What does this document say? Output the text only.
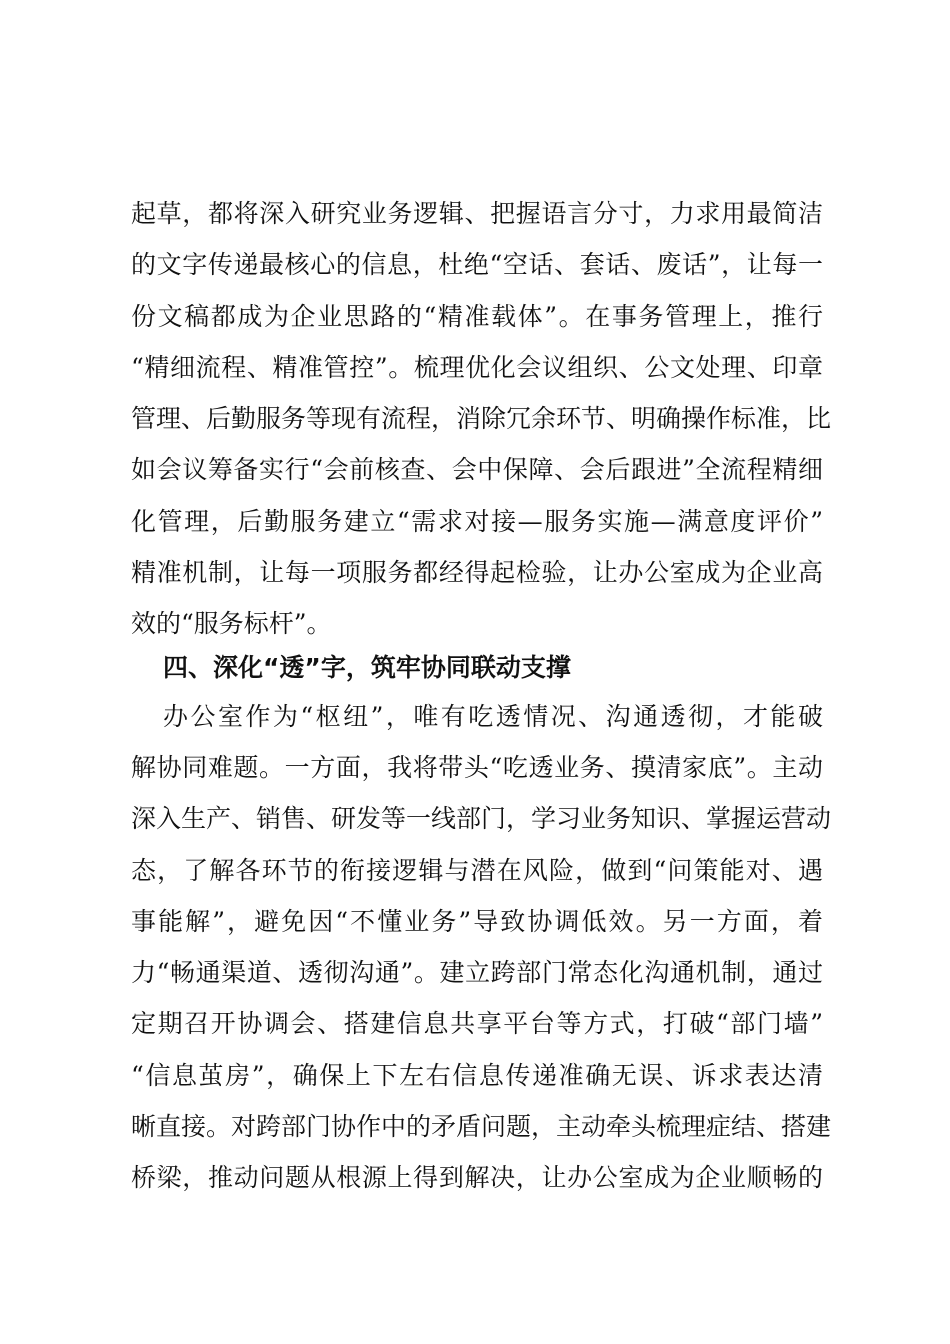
起草，都将深入研究业务逻辑、把握语言分寸，力求用最简洁
的文字传递最核心的信息，杜绝“空话、套话、废话”，让每一
份文稿都成为企业思路的“精准载体”。在事务管理上，推行
“精细流程、精准管控”。梳理优化会议组织、公文处理、印章
管理、后勤服务等现有流程，消除冗余环节、明确操作标准，比
如会议筹备实行“会前核查、会中保障、会后跟进”全流程精细
化管理，后勤服务建立“需求对接—服务实施—满意度评价”
精准机制，让每一项服务都经得起检验，让办公室成为企业高
效的“服务标杆”。
四、深化“透”字，筑牢协同联动支撑
办公室作为“枢纽”，唯有吃透情况、沟通透彻，才能破
解协同难题。一方面，我将带头“吃透业务、摸清家底”。主动
深入生产、销售、研发等一线部门，学习业务知识、掌握运营动
态，了解各环节的衔接逻辑与潜在风险，做到“问策能对、遇
事能解”，避免因“不懂业务”导致协调低效。另一方面，着
力“畅通渠道、透彻沟通”。建立跨部门常态化沟通机制，通过
定期召开协调会、搭建信息共享平台等方式，打破“部门墙”
“信息茧房”，确保上下左右信息传递准确无误、诉求表达清
晰直接。对跨部门协作中的矛盾问题，主动牵头梳理症结、搭建
桥梁，推动问题从根源上得到解决，让办公室成为企业顺畅的
